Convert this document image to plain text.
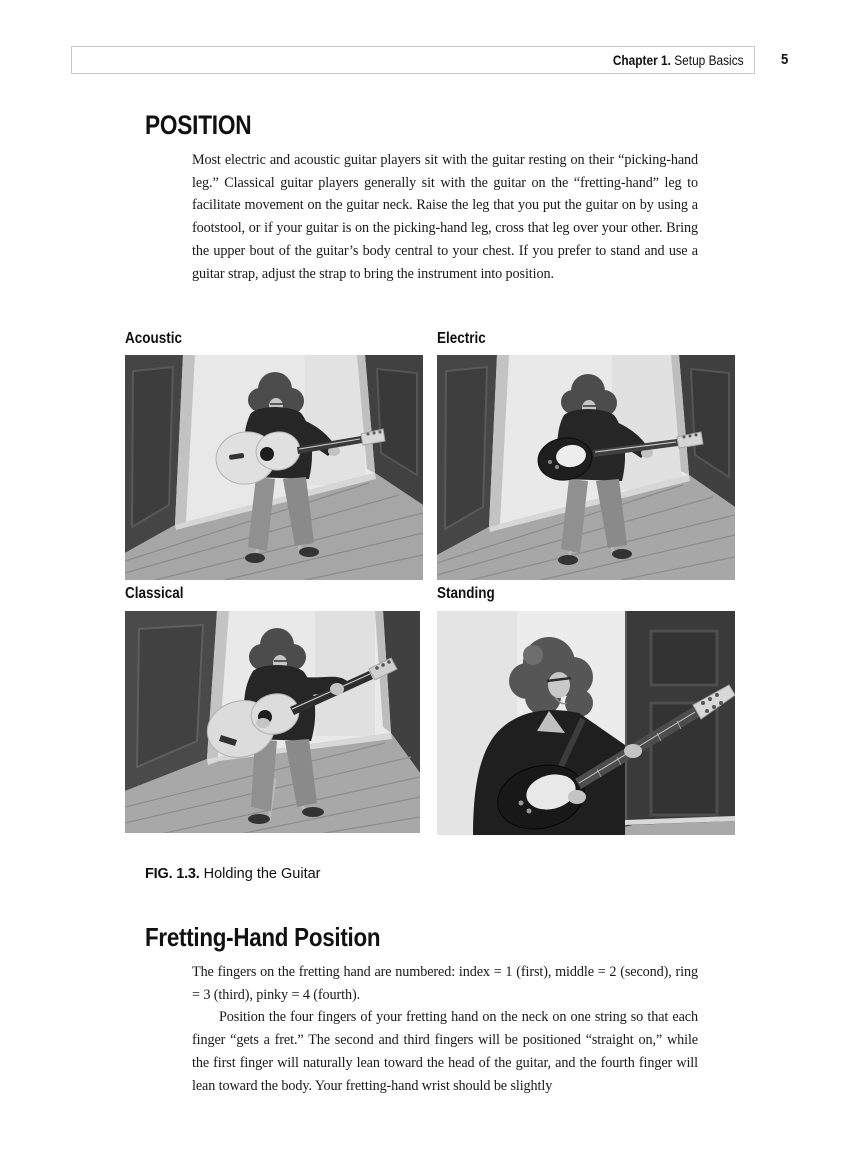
Chapter 1. Setup Basics	5
POSITION

Most electric and acoustic guitar players sit with the guitar resting on their “picking-hand leg.” Classical guitar players generally sit with the guitar on the “fretting-hand” leg to facilitate movement on the guitar neck. Raise the leg that you put the guitar on by using a footstool, or if your guitar is on the picking-hand leg, cross that leg over your other. Bring the upper bout of the guitar’s body central to your chest. If you prefer to stand and use a guitar strap, adjust the strap to bring the instrument into position.

Acoustic	Electric
Classical	Standing
FIG. 1.3. Holding the Guitar
Fretting-Hand Position

The fingers on the fretting hand are numbered: index = 1 (first), middle = 2 (second), ring = 3 (third), pinky = 4 (fourth).

Position the four fingers of your fretting hand on the neck on one string so that each finger “gets a fret.” The second and third fingers will be positioned “straight on,” while the first finger will naturally lean toward the head of the guitar, and the fourth finger will lean toward the body. Your fretting-hand wrist should be slightly
